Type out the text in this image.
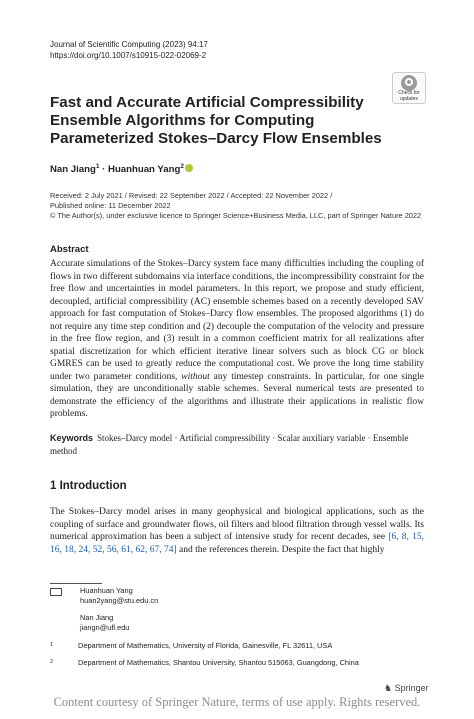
Journal of Scientific Computing (2023) 94:17
https://doi.org/10.1007/s10915-022-02069-2
Check for updates
Fast and Accurate Artificial Compressibility Ensemble Algorithms for Computing Parameterized Stokes–Darcy Flow Ensembles
Nan Jiang$^1$ · Huanhuan Yang$^2$
Received: 2 July 2021 / Revised: 22 September 2022 / Accepted: 22 November 2022 /
Published online: 11 December 2022
© The Author(s), under exclusive licence to Springer Science+Business Media, LLC, part of Springer Nature 2022
Abstract
Accurate simulations of the Stokes–Darcy system face many difficulties including the coupling of flows in two different subdomains via interface conditions, the incompressibility constraint for the free flow and uncertainties in model parameters. In this report, we propose and study efficient, decoupled, artificial compressibility (AC) ensemble schemes based on a recently developed SAV approach for fast computation of Stokes–Darcy flow ensembles. The proposed algorithms (1) do not require any time step condition and (2) decouple the computation of the velocity and pressure in the free flow region, and (3) result in a common coefficient matrix for all realizations after spatial discretization for which efficient iterative linear solvers such as block CG or block GMRES can be used to greatly reduce the computational cost. We prove the long time stability under two parameter conditions, without any timestep constraints. In particular, for one single simulation, they are unconditionally stable schemes. Several numerical tests are presented to demonstrate the efficiency of the algorithms and illustrate their applications in realistic flow problems.
Keywords Stokes–Darcy model · Artificial compressibility · Scalar auxiliary variable · Ensemble method
1 Introduction
The Stokes–Darcy model arises in many geophysical and biological applications, such as the coupling of surface and groundwater flows, oil filters and blood filtration through vessel walls. Its numerical approximation has been a subject of intensive study for recent decades, see [6, 8, 15, 16, 18, 24, 52, 56, 61, 62, 67, 74] and the references therein. Despite the fact that highly
Huanhuan Yang
huan2yang@stu.edu.cn
Nan Jiang
jiangn@ufl.edu
1	Department of Mathematics, University of Florida, Gainesville, FL 32611, USA
2	Department of Mathematics, Shantou University, Shantou 515063, Guangdong, China
♞ Springer
Content courtesy of Springer Nature, terms of use apply. Rights reserved.
